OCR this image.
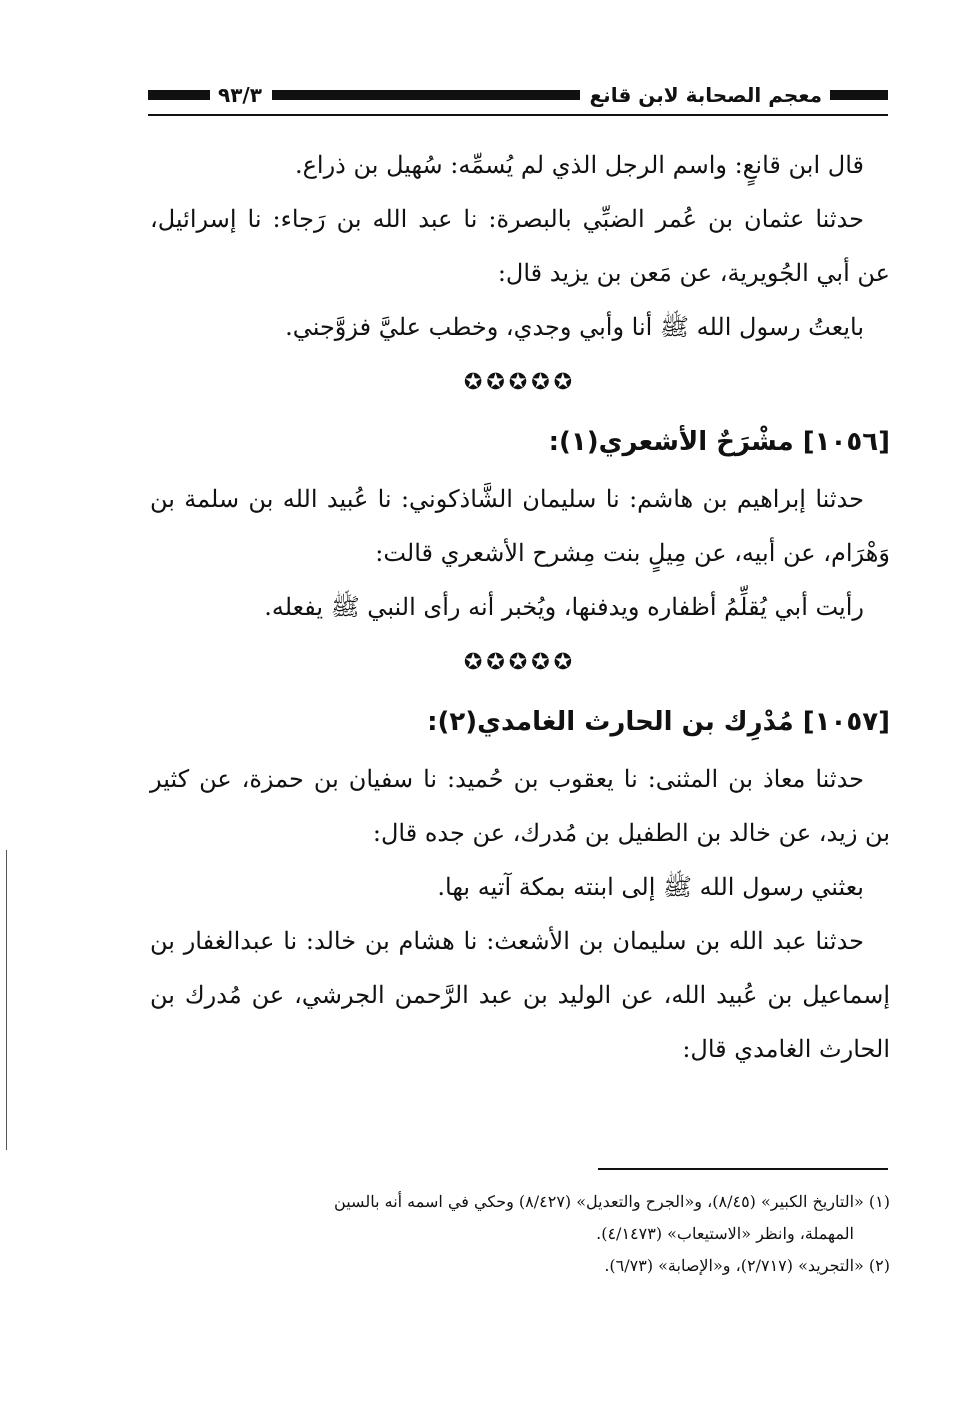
معجم الصحابة لابن قانع
٩٣/٣

قال ابن قانعٍ: واسم الرجل الذي لم يُسمِّه: سُهيل بن ذراع.

حدثنا عثمان بن عُمر الضبِّي بالبصرة: نا عبد الله بن رَجاء: نا إسرائيل، عن أبي الجُويرية، عن مَعن بن يزيد قال:

بايعتُ رسول الله ﷺ أنا وأبي وجدي، وخطب عليَّ فزوَّجني.

✪✪✪✪✪
[١٠٥٦] مشْرَحٌ الأشعري(١):

حدثنا إبراهيم بن هاشم: نا سليمان الشَّاذكوني: نا عُبيد الله بن سلمة بن وَهْرَام، عن أبيه، عن مِيلٍ بنت مِشرح الأشعري قالت:

رأيت أبي يُقلِّمُ أظفاره ويدفنها، ويُخبر أنه رأى النبي ﷺ يفعله.

✪✪✪✪✪
[١٠٥٧] مُدْرِك بن الحارث الغامدي(٢):

حدثنا معاذ بن المثنى: نا يعقوب بن حُميد: نا سفيان بن حمزة، عن كثير بن زيد، عن خالد بن الطفيل بن مُدرك، عن جده قال:

بعثني رسول الله ﷺ إلى ابنته بمكة آتيه بها.

حدثنا عبد الله بن سليمان بن الأشعث: نا هشام بن خالد: نا عبدالغفار بن إسماعيل بن عُبيد الله، عن الوليد بن عبد الرَّحمن الجرشي، عن مُدرك بن الحارث الغامدي قال:

(١) «التاريخ الكبير» (٨/٤٥)، و«الجرح والتعديل» (٨/٤٢٧) وحكي في اسمه أنه بالسين

المهملة، وانظر «الاستيعاب» (٤/١٤٧٣).

(٢) «التجريد» (٢/٧١٧)، و«الإصابة» (٦/٧٣).
